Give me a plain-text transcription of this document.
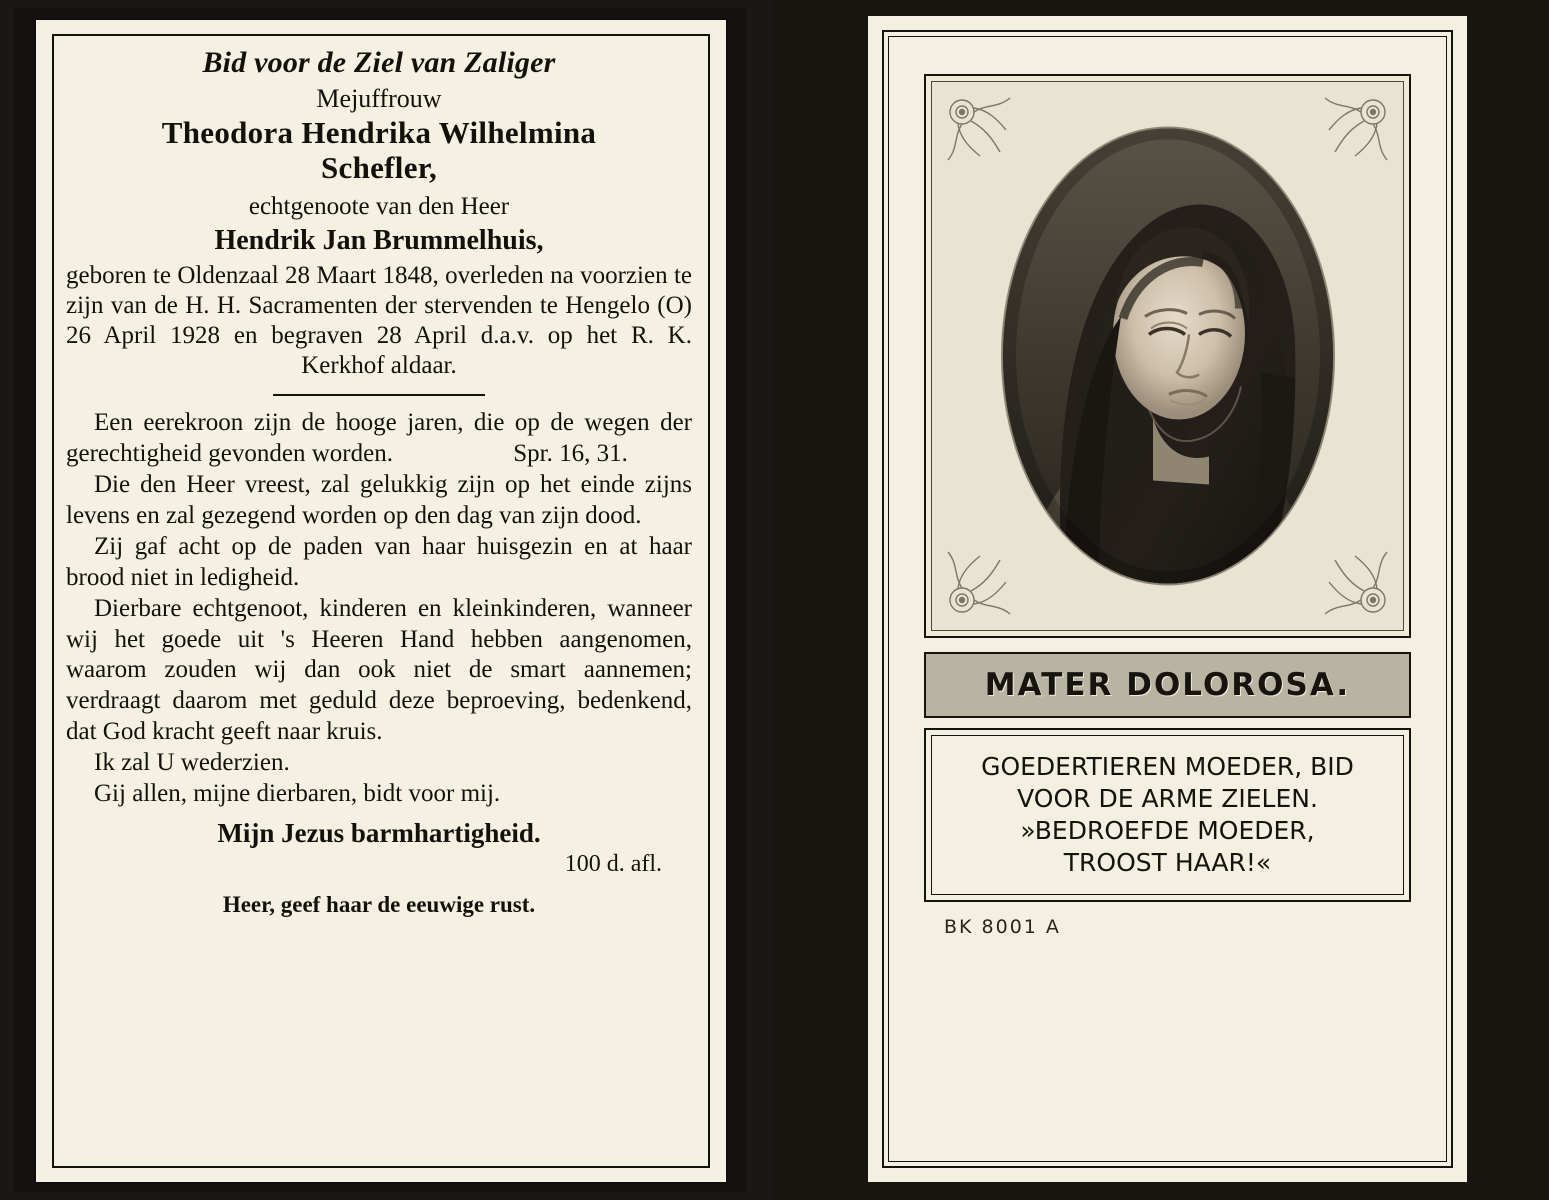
Bid voor de Ziel van Zaliger
Mejuffrouw
Theodora Hendrika Wilhelmina
Schefler,
echtgenoote van den Heer
Hendrik Jan Brummelhuis,
geboren te Oldenzaal 28 Maart 1848, overleden na voorzien te zijn van de H. H. Sacramenten der stervenden te Hengelo (O) 26 April 1928 en begraven 28 April d.a.v. op het R. K. Kerkhof aldaar.

Een eerekroon zijn de hooge jaren, die op de wegen der gerechtigheid gevonden worden.	Spr. 16, 31.

Die den Heer vreest, zal gelukkig zijn op het einde zijns levens en zal gezegend worden op den dag van zijn dood.

Zij gaf acht op de paden van haar huisgezin en at haar brood niet in ledigheid.

Dierbare echtgenoot, kinderen en kleinkinderen, wanneer wij het goede uit 's Heeren Hand hebben aangenomen, waarom zouden wij dan ook niet de smart aannemen; verdraagt daarom met geduld deze beproeving, bedenkend, dat God kracht geeft naar kruis.

Ik zal U wederzien.

Gij allen, mijne dierbaren, bidt voor mij.

Mijn Jezus barmhartigheid.
100 d. afl.
Heer, geef haar de eeuwige rust.
MATER DOLOROSA.

GOEDERTIEREN MOEDER, BID

VOOR DE ARME ZIELEN.

»BEDROEFDE MOEDER,

TROOST HAAR!«

BK 8001 A
